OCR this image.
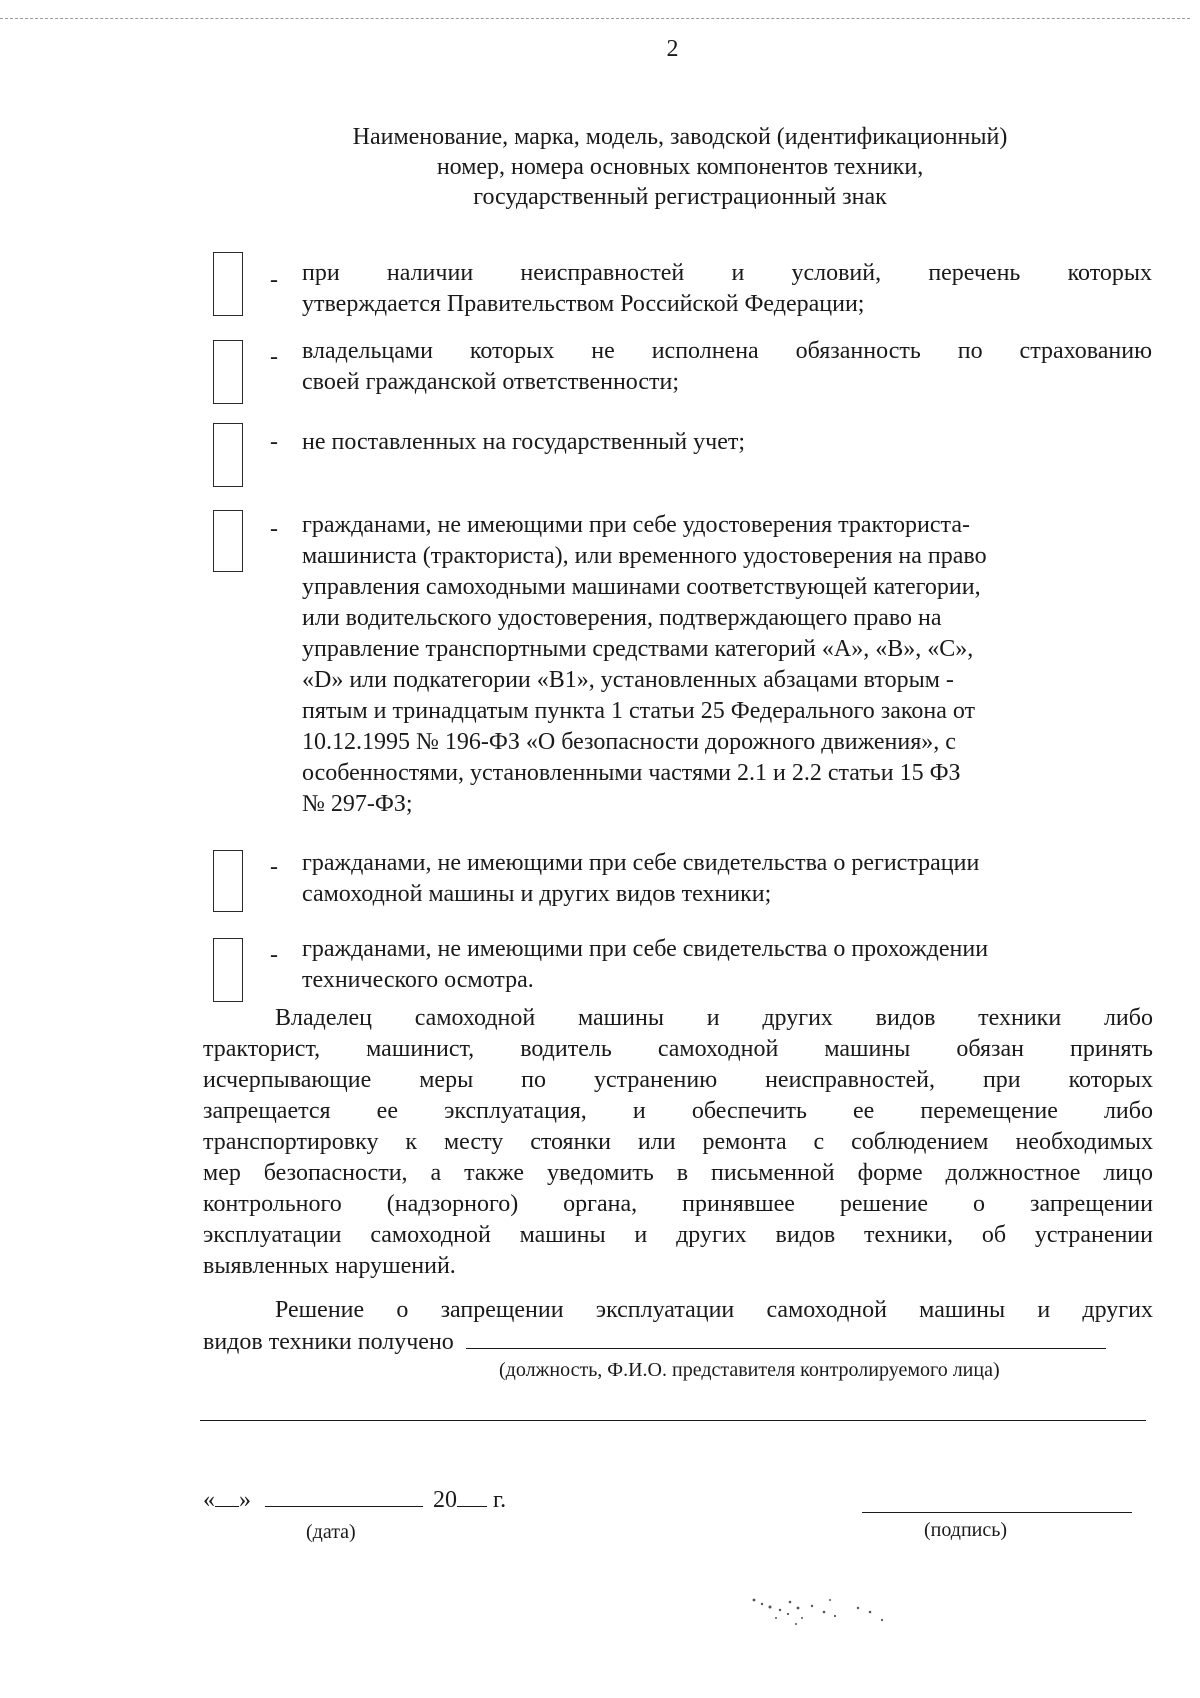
2
Наименование, марка, модель, заводской (идентификационный)
номер, номера основных компонентов техники,
государственный регистрационный знак
- при наличии неисправностей и условий, перечень которых
утверждается Правительством Российской Федерации;
- владельцами которых не исполнена обязанность по страхованию
своей гражданской ответственности;
- не поставленных на государственный учет;
- гражданами, не имеющими при себе удостоверения тракториста-
машиниста (тракториста), или временного удостоверения на право
управления самоходными машинами соответствующей категории,
или водительского удостоверения, подтверждающего право на
управление транспортными средствами категорий «A», «B», «C»,
«D» или подкатегории «B1», установленных абзацами вторым -
пятым и тринадцатым пункта 1 статьи 25 Федерального закона от
10.12.1995 № 196-ФЗ «О безопасности дорожного движения», с
особенностями, установленными частями 2.1 и 2.2 статьи 15 ФЗ
№ 297-ФЗ;
- гражданами, не имеющими при себе свидетельства о регистрации
самоходной машины и других видов техники;
- гражданами, не имеющими при себе свидетельства о прохождении
технического осмотра.
Владелец самоходной машины и других видов техники либо
тракторист, машинист, водитель самоходной машины обязан принять
исчерпывающие меры по устранению неисправностей, при которых
запрещается ее эксплуатация, и обеспечить ее перемещение либо
транспортировку к месту стоянки или ремонта с соблюдением необходимых
мер безопасности, а также уведомить в письменной форме должностное лицо
контрольного (надзорного) органа, принявшее решение о запрещении
эксплуатации самоходной машины и других видов техники, об устранении
выявленных нарушений.
Решение о запрещении эксплуатации самоходной машины и других
видов техники получено
(должность, Ф.И.О. представителя контролируемого лица)
« »	20 г.
(дата)	(подпись)
